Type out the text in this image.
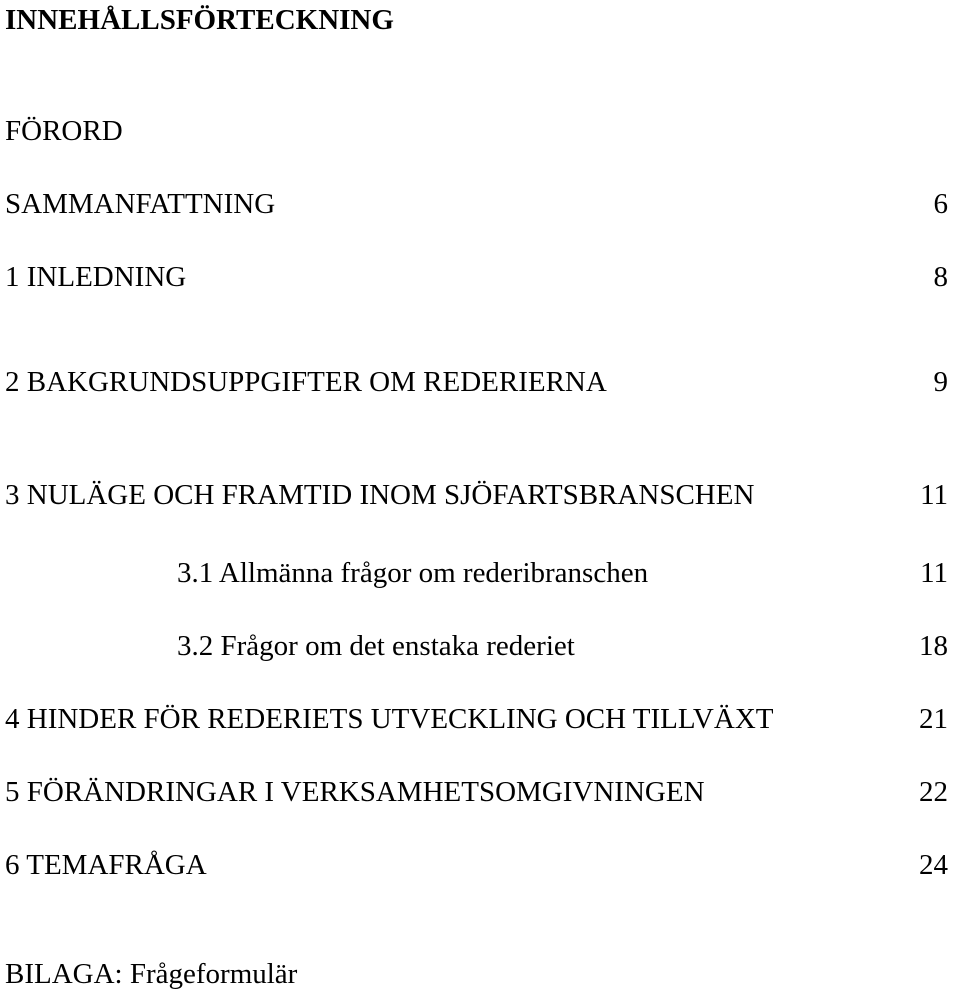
INNEHÅLLSFÖRTECKNING
FÖRORD
SAMMANFATTNING	6
1 INLEDNING	8
2 BAKGRUNDSUPPGIFTER OM REDERIERNA	9
3 NULÄGE OCH FRAMTID INOM SJÖFARTSBRANSCHEN	11
3.1 Allmänna frågor om rederibranschen	11
3.2 Frågor om det enstaka rederiet	18
4 HINDER FÖR REDERIETS UTVECKLING OCH TILLVÄXT	21
5 FÖRÄNDRINGAR I VERKSAMHETSOMGIVNINGEN	22
6 TEMAFRÅGA	24
BILAGA: Frågeformulär
